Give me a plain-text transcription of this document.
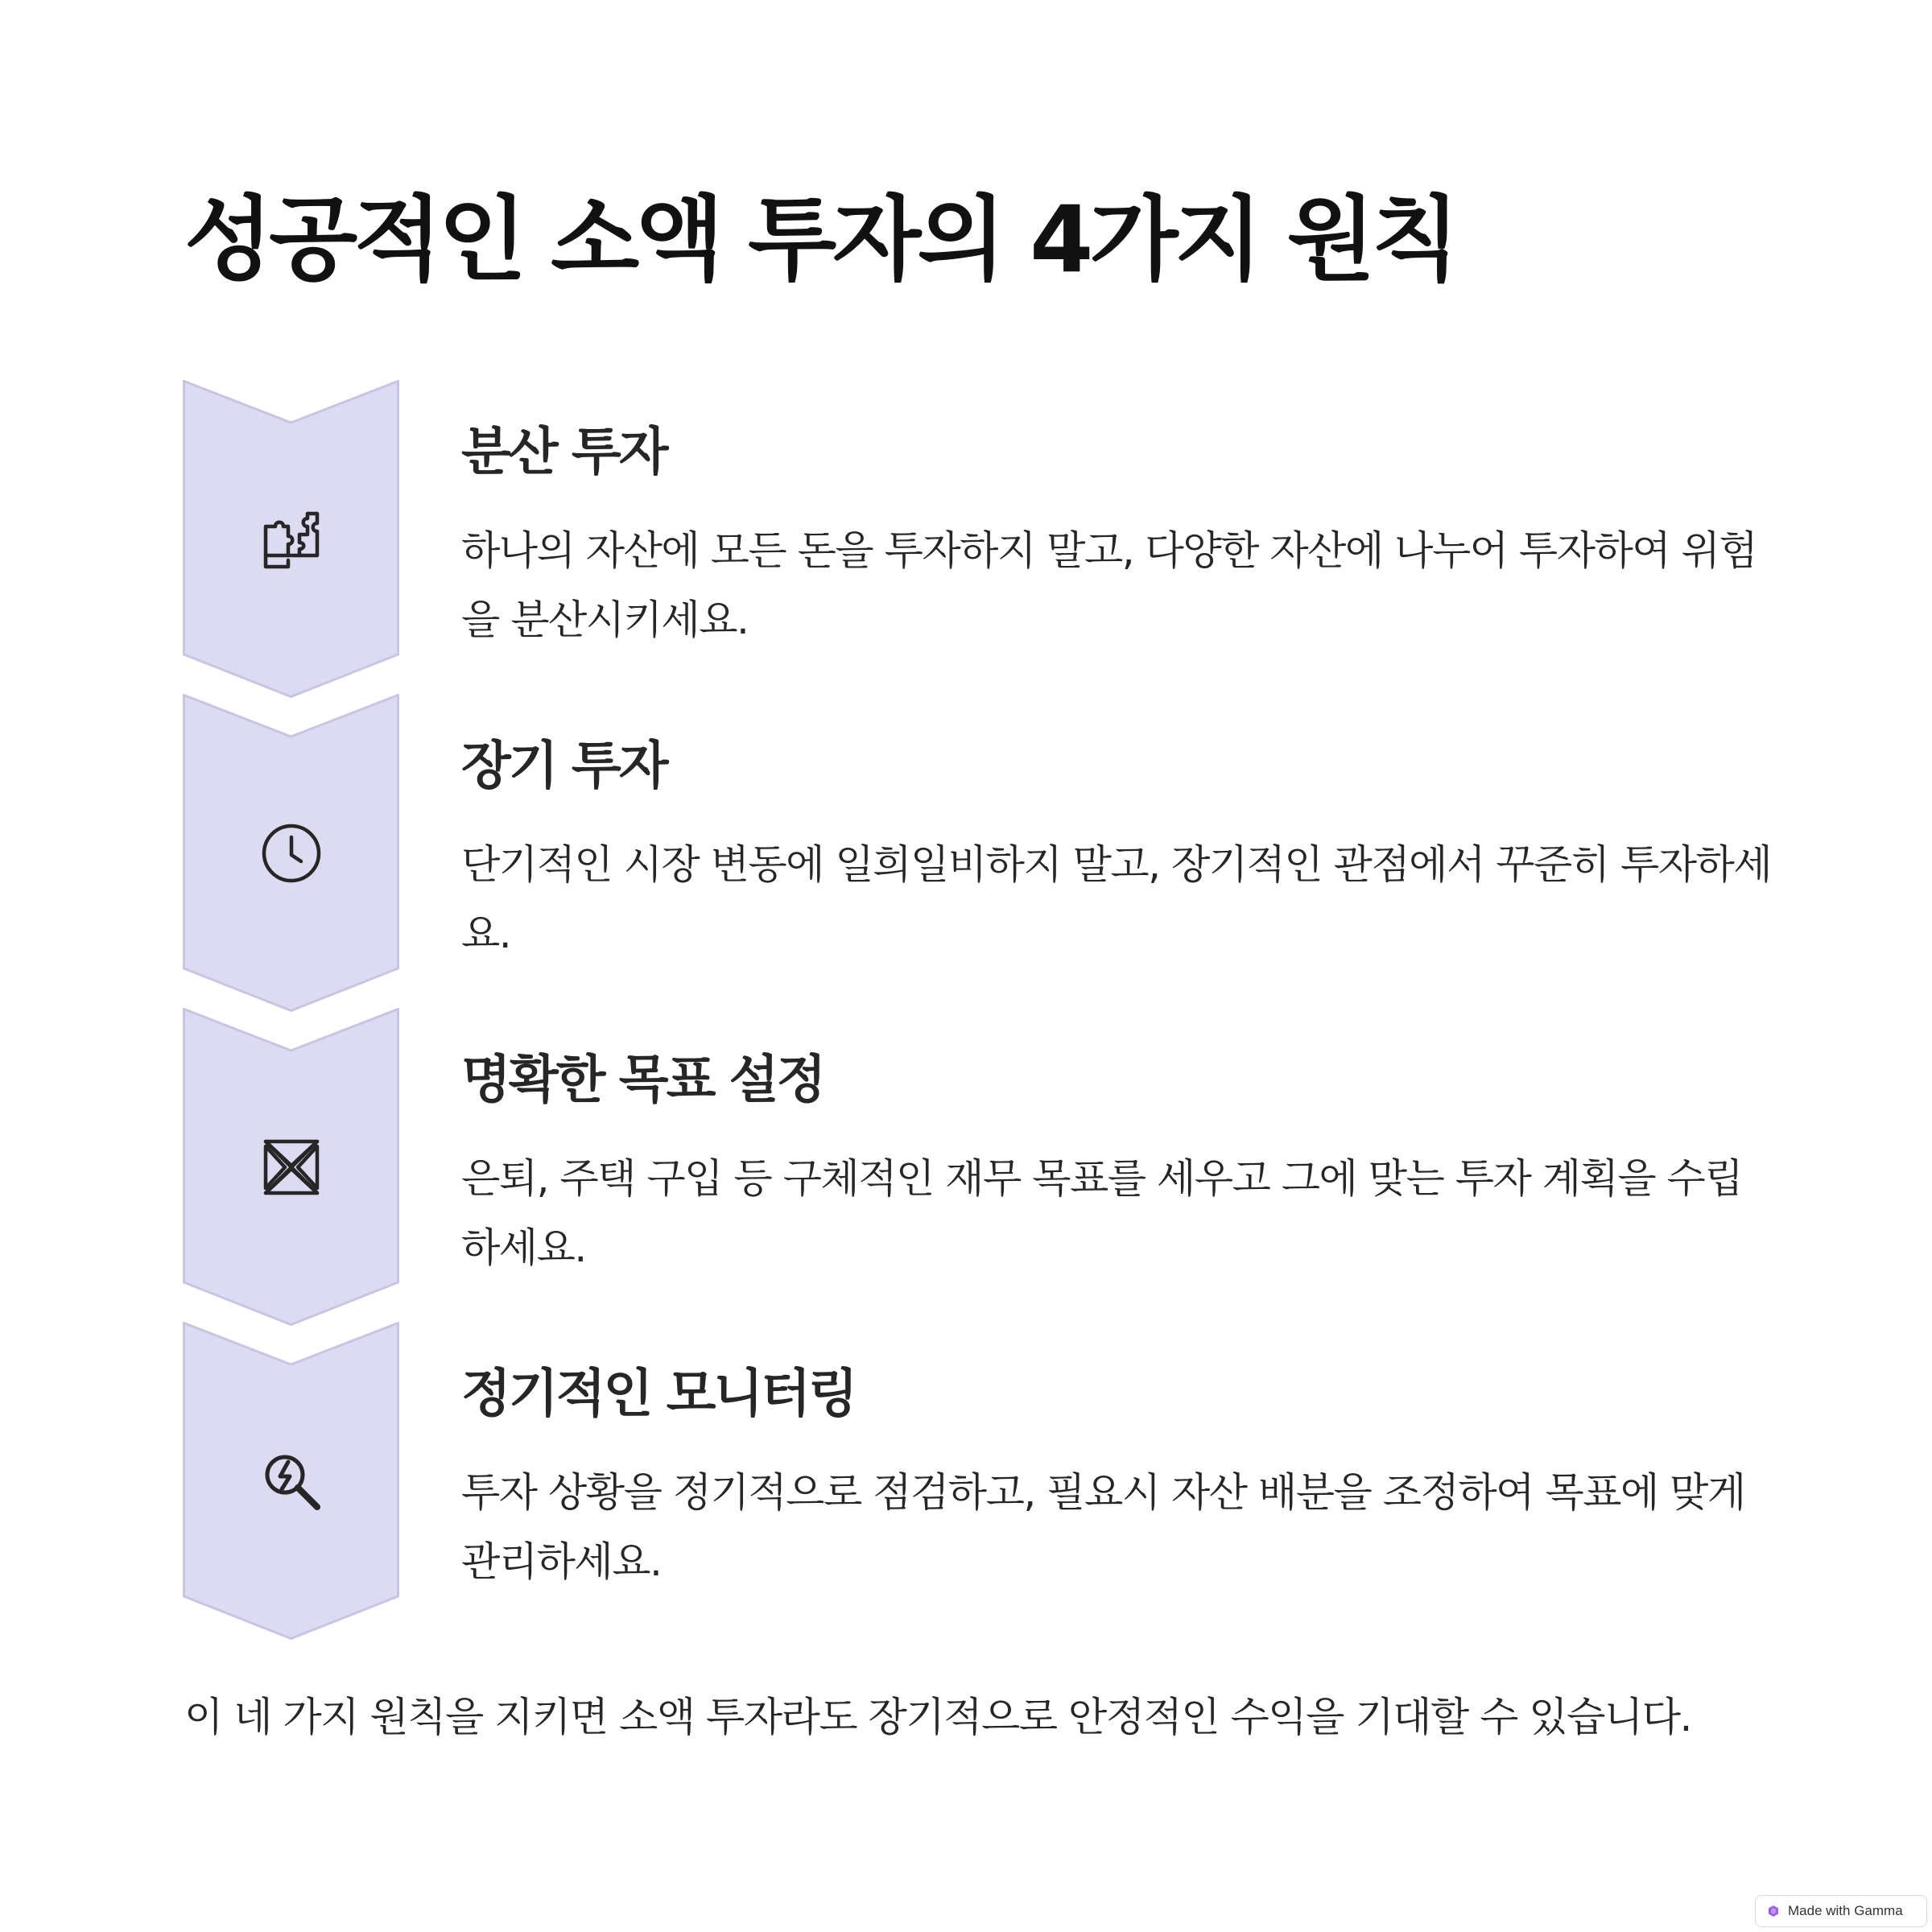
성공적인 소액 투자의 4가지 원칙
분산 투자

하나의 자산에 모든 돈을 투자하지 말고, 다양한 자산에 나누어 투자하여 위험을 분산시키세요.

장기 투자

단기적인 시장 변동에 일희일비하지 말고, 장기적인 관점에서 꾸준히 투자하세요.

명확한 목표 설정

은퇴, 주택 구입 등 구체적인 재무 목표를 세우고 그에 맞는 투자 계획을 수립하세요.

정기적인 모니터링

투자 상황을 정기적으로 점검하고, 필요시 자산 배분을 조정하여 목표에 맞게 관리하세요.

이 네 가지 원칙을 지키면 소액 투자라도 장기적으로 안정적인 수익을 기대할 수 있습니다.

Made with Gamma
